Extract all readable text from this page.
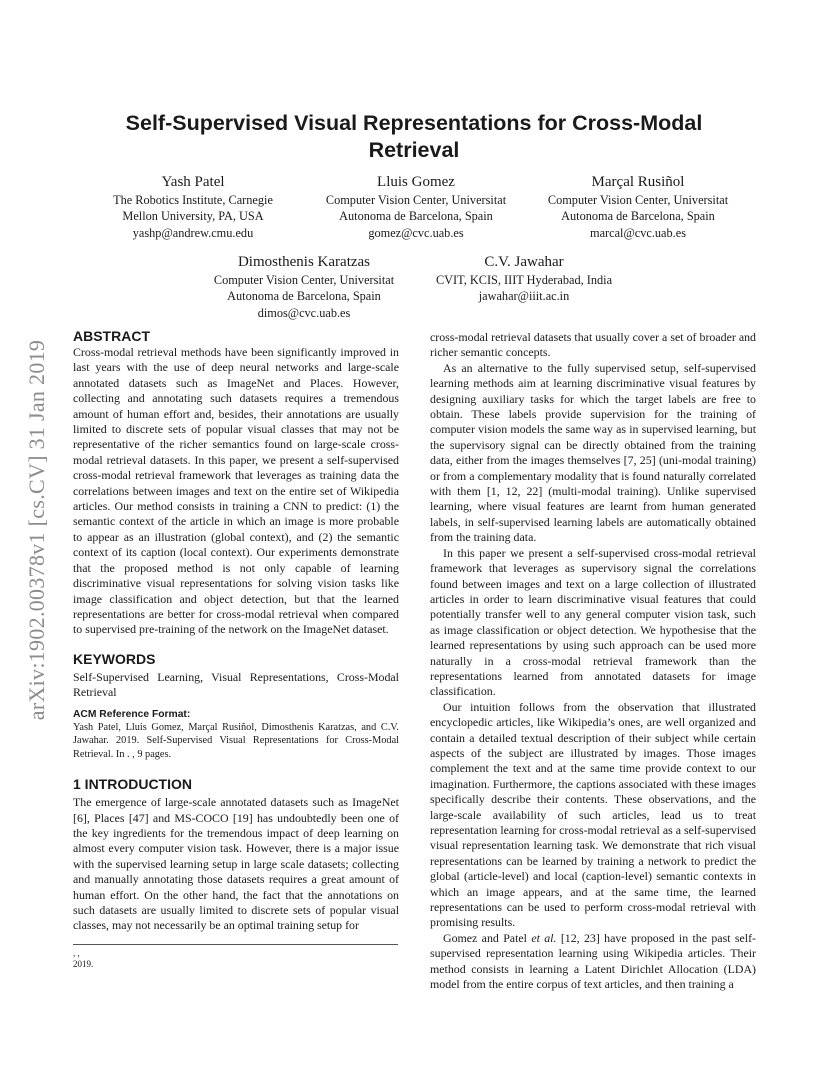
arXiv:1902.00378v1 [cs.CV] 31 Jan 2019
Self-Supervised Visual Representations for Cross-Modal Retrieval
Yash Patel
The Robotics Institute, Carnegie
Mellon University, PA, USA
yashp@andrew.cmu.edu
Lluis Gomez
Computer Vision Center, Universitat
Autonoma de Barcelona, Spain
gomez@cvc.uab.es
Marçal Rusiñol
Computer Vision Center, Universitat
Autonoma de Barcelona, Spain
marcal@cvc.uab.es
Dimosthenis Karatzas
Computer Vision Center, Universitat
Autonoma de Barcelona, Spain
dimos@cvc.uab.es
C.V. Jawahar
CVIT, KCIS, IIIT Hyderabad, India
jawahar@iiit.ac.in
ABSTRACT

Cross-modal retrieval methods have been significantly improved in last years with the use of deep neural networks and large-scale annotated datasets such as ImageNet and Places. However, collecting and annotating such datasets requires a tremendous amount of human effort and, besides, their annotations are usually limited to discrete sets of popular visual classes that may not be representative of the richer semantics found on large-scale cross-modal retrieval datasets. In this paper, we present a self-supervised cross-modal retrieval framework that leverages as training data the correlations between images and text on the entire set of Wikipedia articles. Our method consists in training a CNN to predict: (1) the semantic context of the article in which an image is more probable to appear as an illustration (global context), and (2) the semantic context of its caption (local context). Our experiments demonstrate that the proposed method is not only capable of learning discriminative visual representations for solving vision tasks like image classification and object detection, but that the learned representations are better for cross-modal retrieval when compared to supervised pre-training of the network on the ImageNet dataset.

KEYWORDS

Self-Supervised Learning, Visual Representations, Cross-Modal Retrieval

ACM Reference Format:

Yash Patel, Lluis Gomez, Marçal Rusiñol, Dimosthenis Karatzas, and C.V. Jawahar. 2019. Self-Supervised Visual Representations for Cross-Modal Retrieval. In . , 9 pages.

1 INTRODUCTION

The emergence of large-scale annotated datasets such as ImageNet [6], Places [47] and MS-COCO [19] has undoubtedly been one of the key ingredients for the tremendous impact of deep learning on almost every computer vision task. However, there is a major issue with the supervised learning setup in large scale datasets; collecting and manually annotating those datasets requires a great amount of human effort. On the other hand, the fact that the annotations on such datasets are usually limited to discrete sets of popular visual classes, may not necessarily be an optimal training setup for

, ,
2019.

cross-modal retrieval datasets that usually cover a set of broader and richer semantic concepts.

As an alternative to the fully supervised setup, self-supervised learning methods aim at learning discriminative visual features by designing auxiliary tasks for which the target labels are free to obtain. These labels provide supervision for the training of computer vision models the same way as in supervised learning, but the supervisory signal can be directly obtained from the training data, either from the images themselves [7, 25] (uni-modal training) or from a complementary modality that is found naturally correlated with them [1, 12, 22] (multi-modal training). Unlike supervised learning, where visual features are learnt from human generated labels, in self-supervised learning labels are automatically obtained from the training data.

In this paper we present a self-supervised cross-modal retrieval framework that leverages as supervisory signal the correlations found between images and text on a large collection of illustrated articles in order to learn discriminative visual features that could potentially transfer well to any general computer vision task, such as image classification or object detection. We hypothesise that the learned representations by using such approach can be used more naturally in a cross-modal retrieval framework than the representations learned from annotated datasets for image classification.

Our intuition follows from the observation that illustrated encyclopedic articles, like Wikipedia’s ones, are well organized and contain a detailed textual description of their subject while certain aspects of the subject are illustrated by images. Those images complement the text and at the same time provide context to our imagination. Furthermore, the captions associated with these images specifically describe their contents. These observations, and the large-scale availability of such articles, lead us to treat representation learning for cross-modal retrieval as a self-supervised visual representation learning task. We demonstrate that rich visual representations can be learned by training a network to predict the global (article-level) and local (caption-level) semantic contexts in which an image appears, and at the same time, the learned representations can be used to perform cross-modal retrieval with promising results.

Gomez and Patel et al. [12, 23] have proposed in the past self-supervised representation learning using Wikipedia articles. Their method consists in learning a Latent Dirichlet Allocation (LDA) model from the entire corpus of text articles, and then training a
